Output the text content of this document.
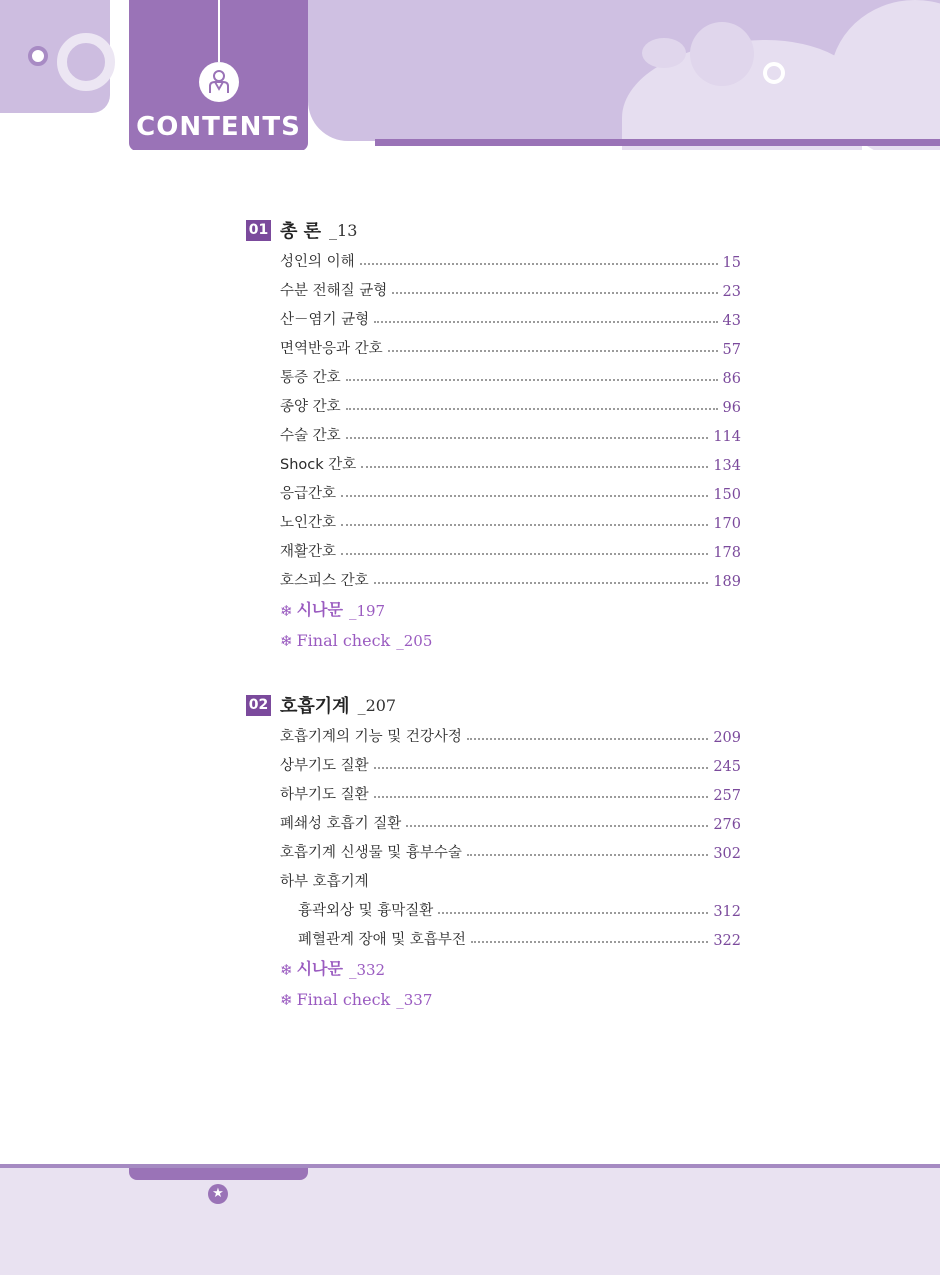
CONTENTS
01 총 론 _13
성인의 이해	15
수분 전해질 균형	23
산－염기 균형	43
면역반응과 간호	57
통증 간호	86
종양 간호	96
수술 간호	114
Shock 간호	134
응급간호	150
노인간호	170
재활간호	178
호스피스 간호	189
❄ 시나문 _197
❄ Final check _205
02 호흡기계 _207
호흡기계의 기능 및 건강사정	209
상부기도 질환	245
하부기도 질환	257
폐쇄성 호흡기 질환	276
호흡기계 신생물 및 흉부수술	302
하부 호흡기계
흉곽외상 및 흉막질환	312
폐혈관계 장애 및 호흡부전	322
❄ 시나문 _332
❄ Final check _337
★
